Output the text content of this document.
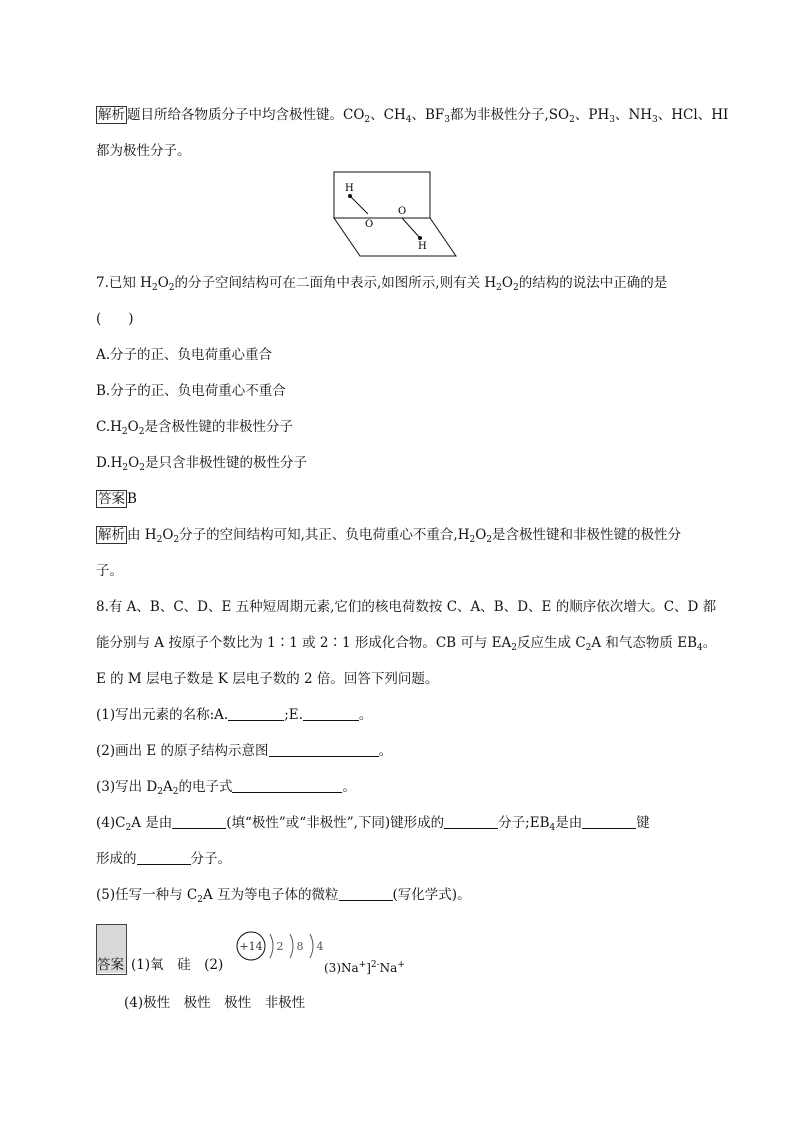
解析 题目所给各物质分子中均含极性键。$CO_2$、$CH_4$、$BF_3$都为非极性分子$,SO_2$、$PH_3$、$NH_3$、HCl、HI
都为极性分子。
H
O
O
H
7.已知 $H_2O_2$的分子空间结构可在二面角中表示,如图所示,则有关 $H_2O_2$的结构的说法中正确的是
(　　)
A.分子的正、负电荷重心重合
B.分子的正、负电荷重心不重合
$C.H_2O_2$是含极性键的非极性分子
$D.H_2O_2$是只含非极性键的极性分子
答案 B
解析 由 $H_2O_2$分子的空间结构可知,其正、负电荷重心不重合$,H_2O_2$是含极性键和非极性键的极性分
子。
8.有 A、B、C、D、E 五种短周期元素,它们的核电荷数按 C、A、B、D、E 的顺序依次增大。C、D 都
能分别与 A 按原子个数比为 1∶1 或 2∶1 形成化合物。CB 可与 $EA_2$反应生成 $C_2A$ 和气态物质 $EB_4$。
E 的 M 层电子数是 K 层电子数的 2 倍。回答下列问题。
(1)写出元素的名称:A.	;E.	。
(2)画出 E 的原子结构示意图	。
(3)写出 $D_2A_2$的电子式	。
$(4)C_2A$ 是由	(填“极性”或“非极性”,下同)键形成的	分子$;EB_4$是由	键
形成的	分子。
(5)任写一种与 $C_2A$ 互为等电子体的微粒	(写化学式)。
答案 (1)氧　硅　(2)
+14 2 8 4
(3)Na+]$^{2-}$Na+
(4)极性　极性　极性　非极性
